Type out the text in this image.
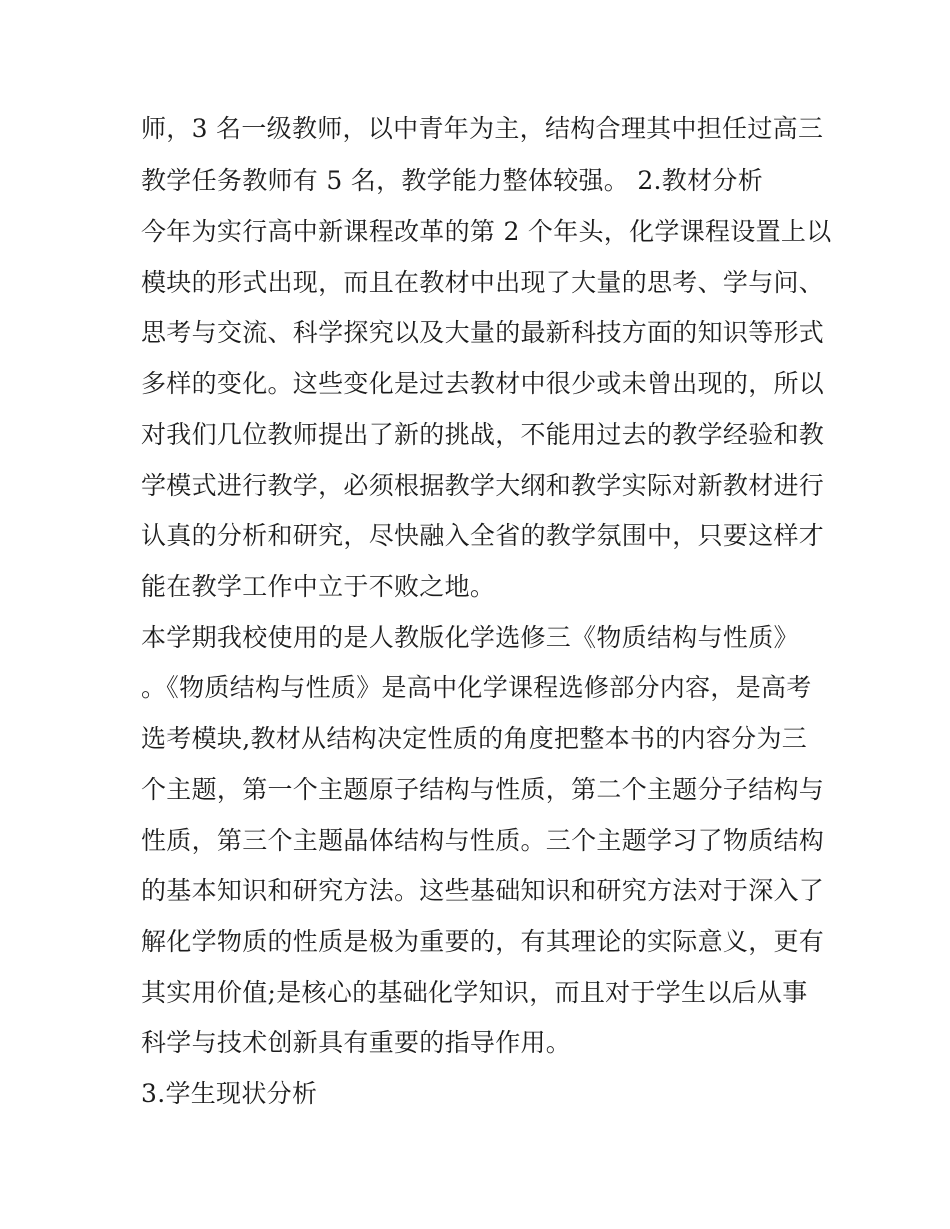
师，3 名一级教师，以中青年为主，结构合理其中担任过高三
教学任务教师有 5 名，教学能力整体较强。 2.教材分析
今年为实行高中新课程改革的第 2 个年头，化学课程设置上以
模块的形式出现，而且在教材中出现了大量的思考、学与问、
思考与交流、科学探究以及大量的最新科技方面的知识等形式
多样的变化。这些变化是过去教材中很少或未曾出现的，所以
对我们几位教师提出了新的挑战，不能用过去的教学经验和教
学模式进行教学，必须根据教学大纲和教学实际对新教材进行
认真的分析和研究，尽快融入全省的教学氛围中，只要这样才
能在教学工作中立于不败之地。
本学期我校使用的是人教版化学选修三《物质结构与性质》
。《物质结构与性质》是高中化学课程选修部分内容，是高考
选考模块,教材从结构决定性质的角度把整本书的内容分为三
个主题，第一个主题原子结构与性质，第二个主题分子结构与
性质，第三个主题晶体结构与性质。三个主题学习了物质结构
的基本知识和研究方法。这些基础知识和研究方法对于深入了
解化学物质的性质是极为重要的，有其理论的实际意义，更有
其实用价值;是核心的基础化学知识，而且对于学生以后从事
科学与技术创新具有重要的指导作用。
3.学生现状分析
